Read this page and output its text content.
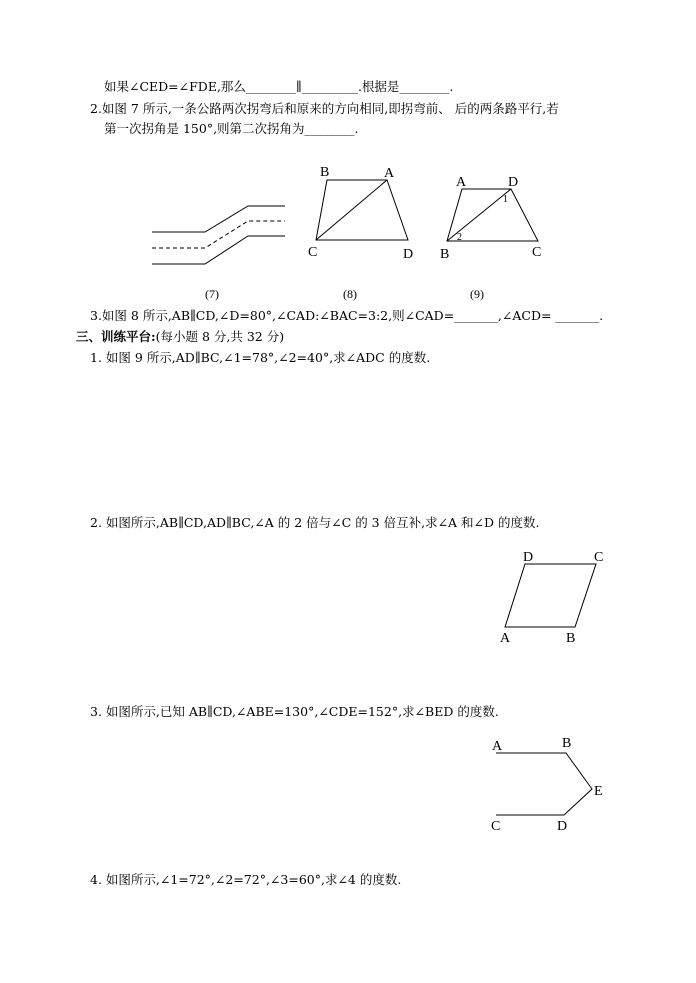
如果∠CED=∠FDE,那么________∥_________.根据是________.
2.如图 7 所示,一条公路两次拐弯后和原来的方向相同,即拐弯前、 后的两条路平行,若
第一次拐角是 150°,则第二次拐角为________.
3.如图 8 所示,AB∥CD,∠D=80°,∠CAD:∠BAC=3:2,则∠CAD=_______,∠ACD= _______.
三、训练平台:(每小题 8 分,共 32 分)
1. 如图 9 所示,AD∥BC,∠1=78°,∠2=40°,求∠ADC 的度数.
2. 如图所示,AB∥CD,AD∥BC,∠A 的 2 倍与∠C 的 3 倍互补,求∠A 和∠D 的度数.
3. 如图所示,已知 AB∥CD,∠ABE=130°,∠CDE=152°,求∠BED 的度数.
4. 如图所示,∠1=72°,∠2=72°,∠3=60°,求∠4 的度数.
(7)
B	A
C	D
(8)
A	D
1
2
B	C
(9)
D	C
A	B
A	B
E
C	D
